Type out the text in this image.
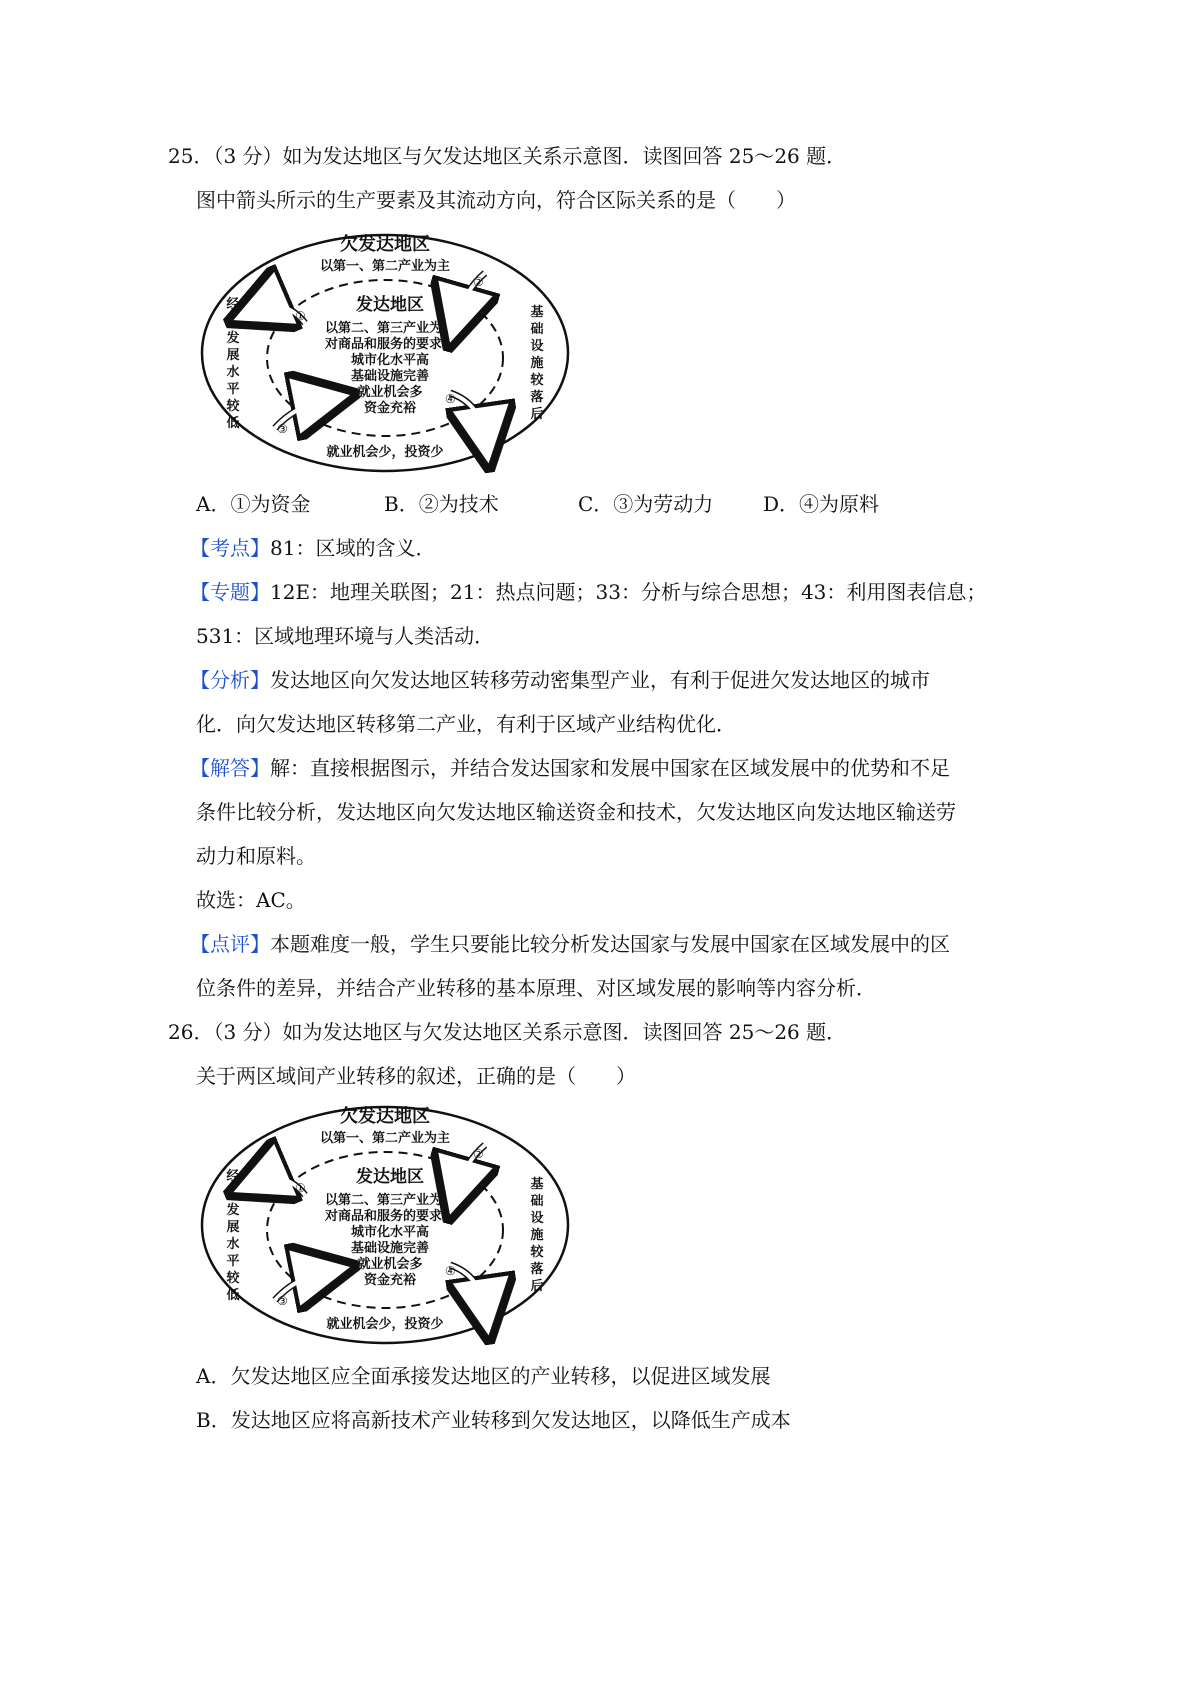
25．（3 分）如为发达地区与欠发达地区关系示意图．读图回答 25～26 题．
图中箭头所示的生产要素及其流动方向，符合区际关系的是（　　）
欠发达地区
以第一、第二产业为主
发达地区
以第二、第三产业为主
对商品和服务的要求高
城市化水平高
基础设施完善
就业机会多
资金充裕
经
济
发
展
水
平
较
低
基
础
设
施
较
落
后
就业机会少，投资少
①
②
③
④
A．①为资金	B．②为技术	C．③为劳动力 D．④为原料
【考点】81：区域的含义．
【专题】12E：地理关联图；21：热点问题；33：分析与综合思想；43：利用图表信息；
531：区域地理环境与人类活动．
【分析】发达地区向欠发达地区转移劳动密集型产业，有利于促进欠发达地区的城市
化．向欠发达地区转移第二产业，有利于区域产业结构优化．
【解答】解：直接根据图示，并结合发达国家和发展中国家在区域发展中的优势和不足
条件比较分析，发达地区向欠发达地区输送资金和技术，欠发达地区向发达地区输送劳
动力和原料。
故选：AC。
【点评】本题难度一般，学生只要能比较分析发达国家与发展中国家在区域发展中的区
位条件的差异，并结合产业转移的基本原理、对区域发展的影响等内容分析．
26．（3 分）如为发达地区与欠发达地区关系示意图．读图回答 25～26 题．
关于两区域间产业转移的叙述，正确的是（　　）
欠发达地区
以第一、第二产业为主
发达地区
以第二、第三产业为主
对商品和服务的要求高
城市化水平高
基础设施完善
就业机会多
资金充裕
经
济
发
展
水
平
较
低
基
础
设
施
较
落
后
就业机会少，投资少
①
②
③
④
A．欠发达地区应全面承接发达地区的产业转移，以促进区域发展
B．发达地区应将高新技术产业转移到欠发达地区，以降低生产成本
